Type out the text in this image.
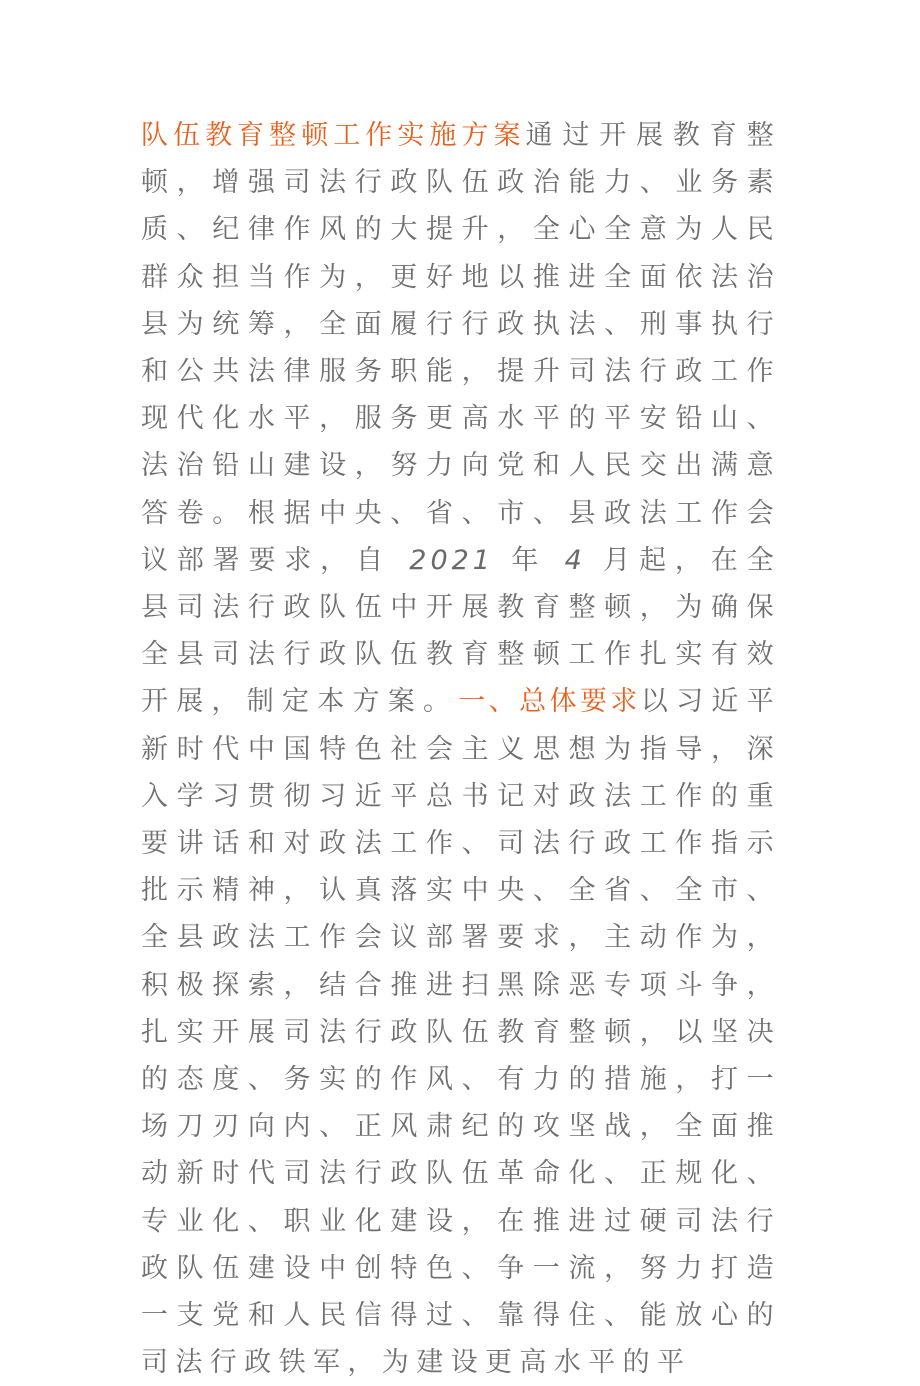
队伍教育整顿工作实施方案通过开展教育整顿，增强司法行政队伍政治能力、业务素质、纪律作风的大提升，全心全意为人民群众担当作为，更好地以推进全面依法治县为统筹，全面履行行政执法、刑事执行和公共法律服务职能，提升司法行政工作现代化水平，服务更高水平的平安铅山、法治铅山建设，努力向党和人民交出满意答卷。根据中央、省、市、县政法工作会议部署要求，自 2021 年 4 月起，在全县司法行政队伍中开展教育整顿，为确保全县司法行政队伍教育整顿工作扎实有效开展，制定本方案。一、总体要求以习近平新时代中国特色社会主义思想为指导，深入学习贯彻习近平总书记对政法工作的重要讲话和对政法工作、司法行政工作指示批示精神，认真落实中央、全省、全市、全县政法工作会议部署要求，主动作为，积极探索，结合推进扫黑除恶专项斗争，扎实开展司法行政队伍教育整顿，以坚决的态度、务实的作风、有力的措施，打一场刀刃向内、正风肃纪的攻坚战，全面推动新时代司法行政队伍革命化、正规化、专业化、职业化建设，在推进过硬司法行政队伍建设中创特色、争一流，努力打造一支党和人民信得过、靠得住、能放心的司法行政铁军，为建设更高水平的平
